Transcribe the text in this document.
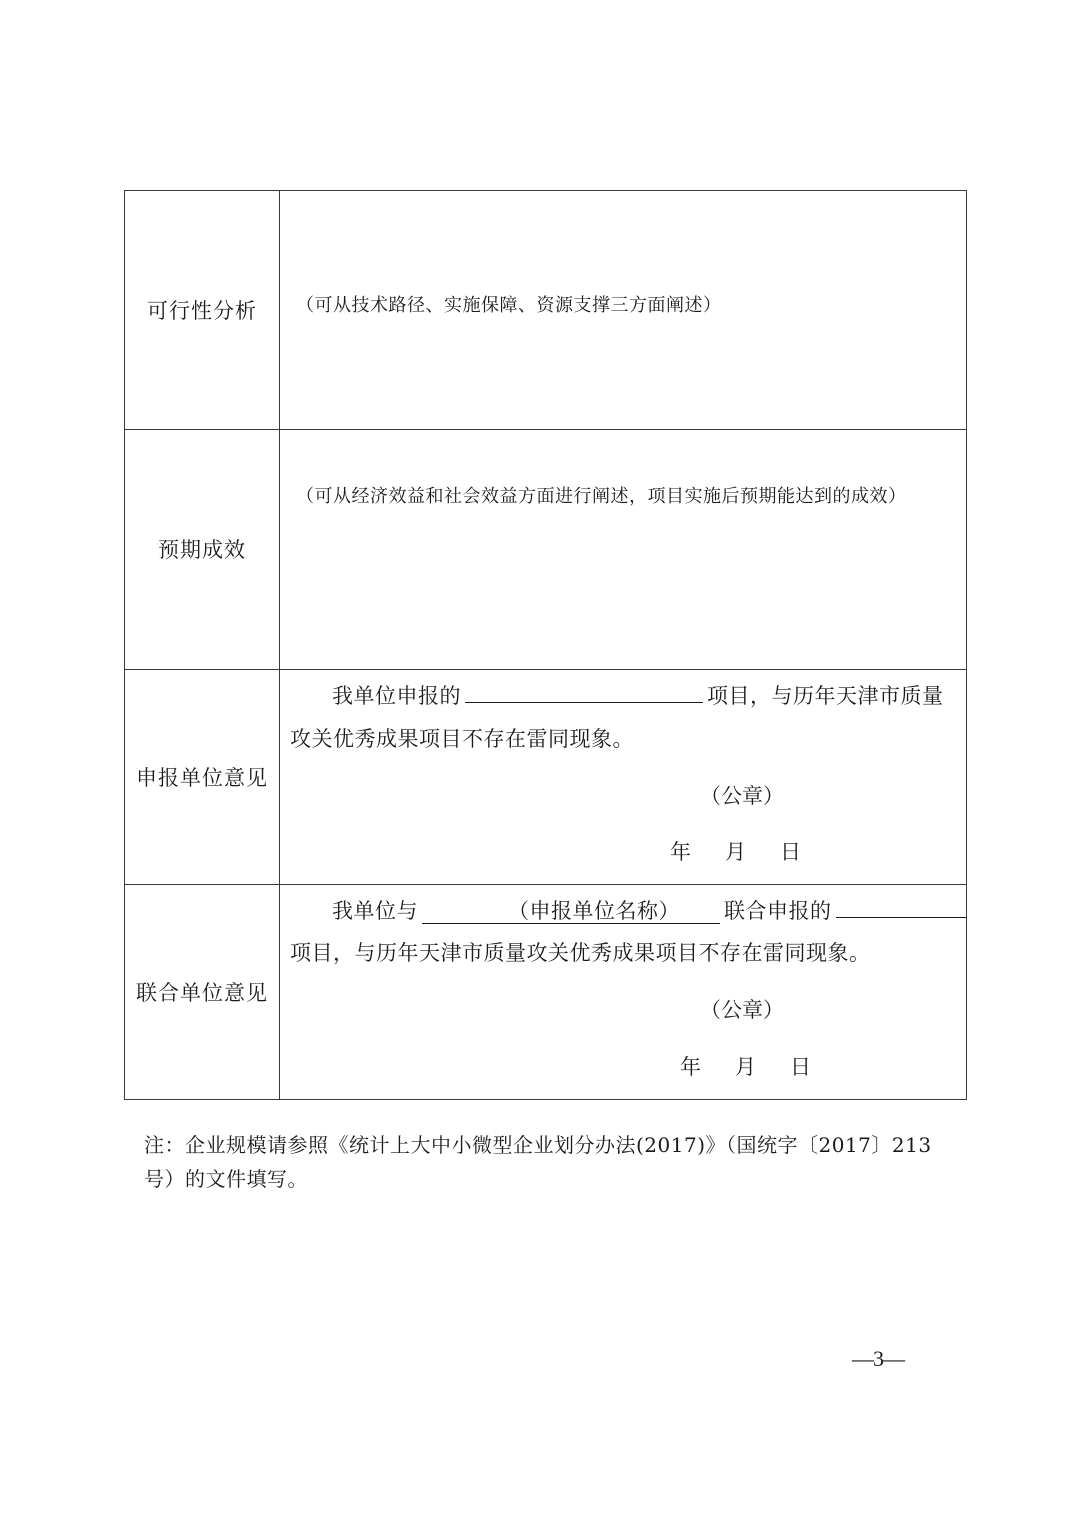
可行性分析	（可从技术路径、实施保障、资源支撑三方面阐述）

预期成效	（可从经济效益和社会效益方面进行阐述，项目实施后预期能达到的成效）

申报单位意见	我单位申报的 项目，与历年天津市质量
攻关优秀成果项目不存在雷同现象。
（公章）
年 月 日

联合单位意见	我单位与 （申报单位名称） 联合申报的
项目，与历年天津市质量攻关优秀成果项目不存在雷同现象。
（公章）
年 月 日
注：企业规模请参照《统计上大中小微型企业划分办法(2017)》（国统字〔2017〕213号）的文件填写。
—3—
